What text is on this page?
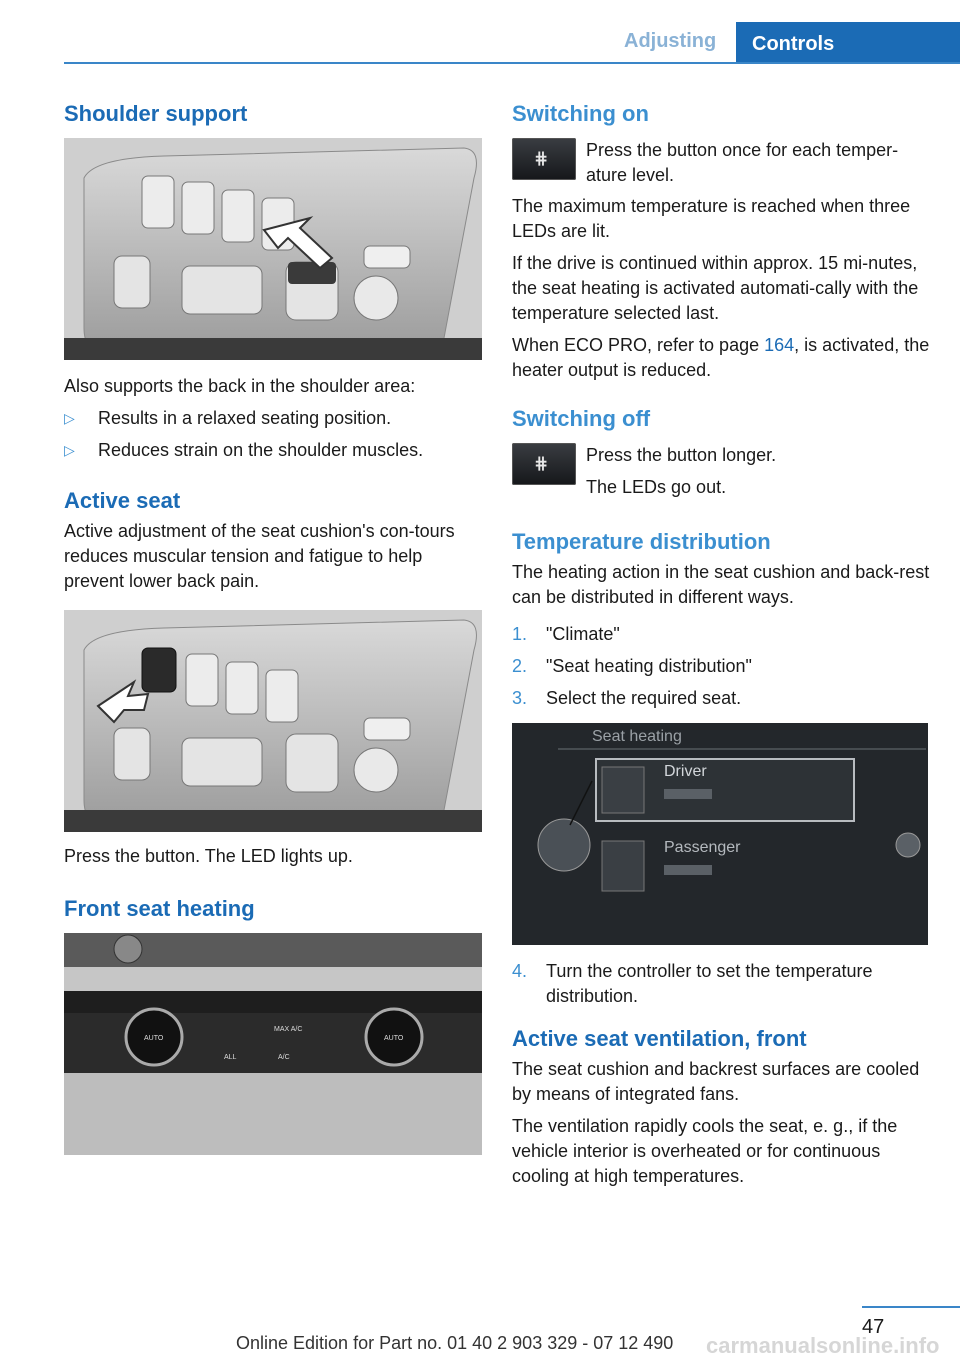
Adjusting	Controls
Shoulder support

Also supports the back in the shoulder area:

▷	Results in a relaxed seating position.
▷	Reduces strain on the shoulder muscles.
Active seat

Active adjustment of the seat cushion's con-tours reduces muscular tension and fatigue to help prevent lower back pain.

Press the button. The LED lights up.

Front seat heating
AUTO	AUTO
MAX A/C
ALL	A/C
Switching on
⋕ Press the button once for each temper-ature level.

The maximum temperature is reached when three LEDs are lit.

If the drive is continued within approx. 15 mi-nutes, the seat heating is activated automati-cally with the temperature selected last.

When ECO PRO, refer to page 164, is activated, the heater output is reduced.

Switching off
⋕ Press the button longer.

The LEDs go out.

Temperature distribution

The heating action in the seat cushion and back-rest can be distributed in different ways.

1.	"Climate"
2.	"Seat heating distribution"
3.	Select the required seat.
Seat heating
Driver
Passenger
4.	Turn the controller to set the temperature distribution.
Active seat ventilation, front

The seat cushion and backrest surfaces are cooled by means of integrated fans.

The ventilation rapidly cools the seat, e. g., if the vehicle interior is overheated or for continuous cooling at high temperatures.

47
Online Edition for Part no. 01 40 2 903 329 - 07 12 490 carmanualsonline.info
